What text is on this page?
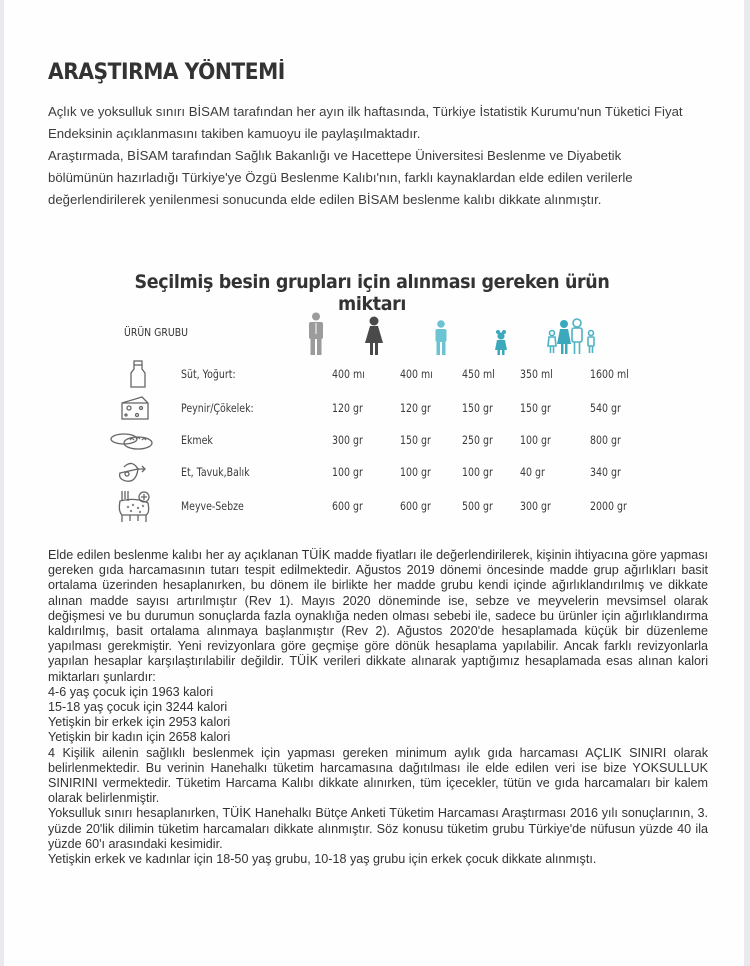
ARAŞTIRMA YÖNTEMİ

Açlık ve yoksulluk sınırı BİSAM tarafından her ayın ilk haftasında, Türkiye İstatistik Kurumu'nun Tüketici Fiyat Endeksinin açıklanmasını takiben kamuoyu ile paylaşılmaktadır.

Araştırmada, BİSAM tarafından Sağlık Bakanlığı ve Hacettepe Üniversitesi Beslenme ve Diyabetik bölümünün hazırladığı Türkiye'ye Özgü Beslenme Kalıbı'nın, farklı kaynaklardan elde edilen verilerle değerlendirilerek yenilenmesi sonucunda elde edilen BİSAM beslenme kalıbı dikkate alınmıştır.

Seçilmiş besin grupları için alınması gereken ürün miktarı
ÜRÜN GRUBU
Süt, Yoğurt:	400 mı	400 mı	450 ml 350 ml	1600 ml
Peynir/Çökelek:	120 gr	120 gr	150 gr 150 gr	540 gr
Ekmek	300 gr	150 gr	250 gr 100 gr	800 gr
Et, Tavuk,Balık	100 gr	100 gr	100 gr 40 gr	340 gr
Meyve-Sebze	600 gr	600 gr	500 gr 300 gr	2000 gr

Elde edilen beslenme kalıbı her ay açıklanan TÜİK madde fiyatları ile değerlendirilerek, kişinin ihtiyacına göre yapması gereken gıda harcamasının tutarı tespit edilmektedir. Ağustos 2019 dönemi öncesinde madde grup ağırlıkları basit ortalama üzerinden hesaplanırken, bu dönem ile birlikte her madde grubu kendi içinde ağırlıklandırılmış ve dikkate alınan madde sayısı artırılmıştır (Rev 1). Mayıs 2020 döneminde ise, sebze ve meyvelerin mevsimsel olarak değişmesi ve bu durumun sonuçlarda fazla oynaklığa neden olması sebebi ile, sadece bu ürünler için ağırlıklandırma kaldırılmış, basit ortalama alınmaya başlanmıştır (Rev 2). Ağustos 2020'de hesaplamada küçük bir düzenleme yapılması gerekmiştir. Yeni revizyonlara göre geçmişe göre dönük hesaplama yapılabilir. Ancak farklı revizyonlarla yapılan hesaplar karşılaştırılabilir değildir. TÜİK verileri dikkate alınarak yaptığımız hesaplamada esas alınan kalori miktarları şunlardır:

4-6 yaş çocuk için 1963 kalori
15-18 yaş çocuk için 3244 kalori
Yetişkin bir erkek için 2953 kalori
Yetişkin bir kadın için 2658 kalori

4 Kişilik ailenin sağlıklı beslenmek için yapması gereken minimum aylık gıda harcaması AÇLIK SINIRI olarak belirlenmektedir. Bu verinin Hanehalkı tüketim harcamasına dağıtılması ile elde edilen veri ise bize YOKSULLUK SINIRINI vermektedir. Tüketim Harcama Kalıbı dikkate alınırken, tüm içecekler, tütün ve gıda harcamaları bir kalem olarak belirlenmiştir.

Yoksulluk sınırı hesaplanırken, TÜİK Hanehalkı Bütçe Anketi Tüketim Harcaması Araştırması 2016 yılı sonuçlarının, 3. yüzde 20'lik dilimin tüketim harcamaları dikkate alınmıştır. Söz konusu tüketim grubu Türkiye'de nüfusun yüzde 40 ila yüzde 60'ı arasındaki kesimidir.

Yetişkin erkek ve kadınlar için 18-50 yaş grubu, 10-18 yaş grubu için erkek çocuk dikkate alınmıştı.
